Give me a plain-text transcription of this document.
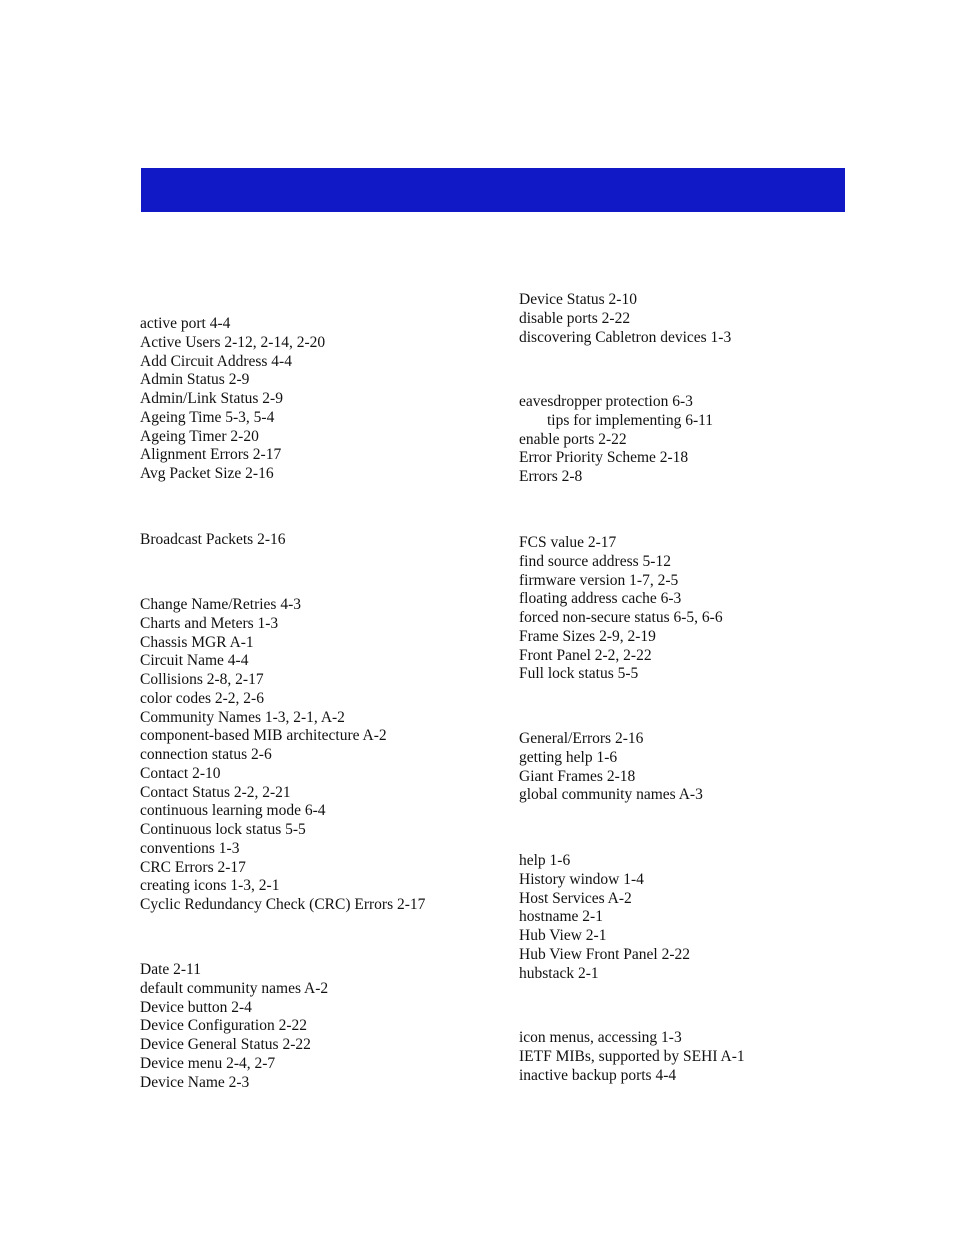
active port 4-4
Active Users 2-12, 2-14, 2-20
Add Circuit Address 4-4
Admin Status 2-9
Admin/Link Status 2-9
Ageing Time 5-3, 5-4
Ageing Timer 2-20
Alignment Errors 2-17
Avg Packet Size 2-16
Broadcast Packets 2-16
Change Name/Retries 4-3
Charts and Meters 1-3
Chassis MGR A-1
Circuit Name 4-4
Collisions 2-8, 2-17
color codes 2-2, 2-6
Community Names 1-3, 2-1, A-2
component-based MIB architecture A-2
connection status 2-6
Contact 2-10
Contact Status 2-2, 2-21
continuous learning mode 6-4
Continuous lock status 5-5
conventions 1-3
CRC Errors 2-17
creating icons 1-3, 2-1
Cyclic Redundancy Check (CRC) Errors 2-17
Date 2-11
default community names A-2
Device button 2-4
Device Configuration 2-22
Device General Status 2-22
Device menu 2-4, 2-7
Device Name 2-3
Device Status 2-10
disable ports 2-22
discovering Cabletron devices 1-3
eavesdropper protection 6-3
tips for implementing 6-11
enable ports 2-22
Error Priority Scheme 2-18
Errors 2-8
FCS value 2-17
find source address 5-12
firmware version 1-7, 2-5
floating address cache 6-3
forced non-secure status 6-5, 6-6
Frame Sizes 2-9, 2-19
Front Panel 2-2, 2-22
Full lock status 5-5
General/Errors 2-16
getting help 1-6
Giant Frames 2-18
global community names A-3
help 1-6
History window 1-4
Host Services A-2
hostname 2-1
Hub View 2-1
Hub View Front Panel 2-22
hubstack 2-1
icon menus, accessing 1-3
IETF MIBs, supported by SEHI A-1
inactive backup ports 4-4
